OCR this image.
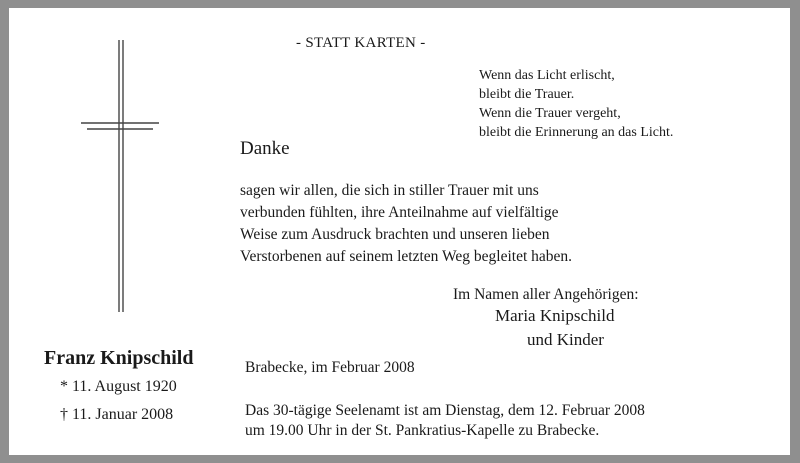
- STATT KARTEN -
Wenn das Licht erlischt,
bleibt die Trauer.
Wenn die Trauer vergeht,
bleibt die Erinnerung an das Licht.
Danke
sagen wir allen, die sich in stiller Trauer mit uns
verbunden fühlten, ihre Anteilnahme auf vielfältige
Weise zum Ausdruck brachten und unseren lieben
Verstorbenen auf seinem letzten Weg begleitet haben.
Im Namen aller Angehörigen:
Maria Knipschild
und Kinder
Franz Knipschild
* 11. August 1920
† 11. Januar 2008
Brabecke, im Februar 2008
Das 30-tägige Seelenamt ist am Dienstag, dem 12. Februar 2008
um 19.00 Uhr in der St. Pankratius-Kapelle zu Brabecke.
